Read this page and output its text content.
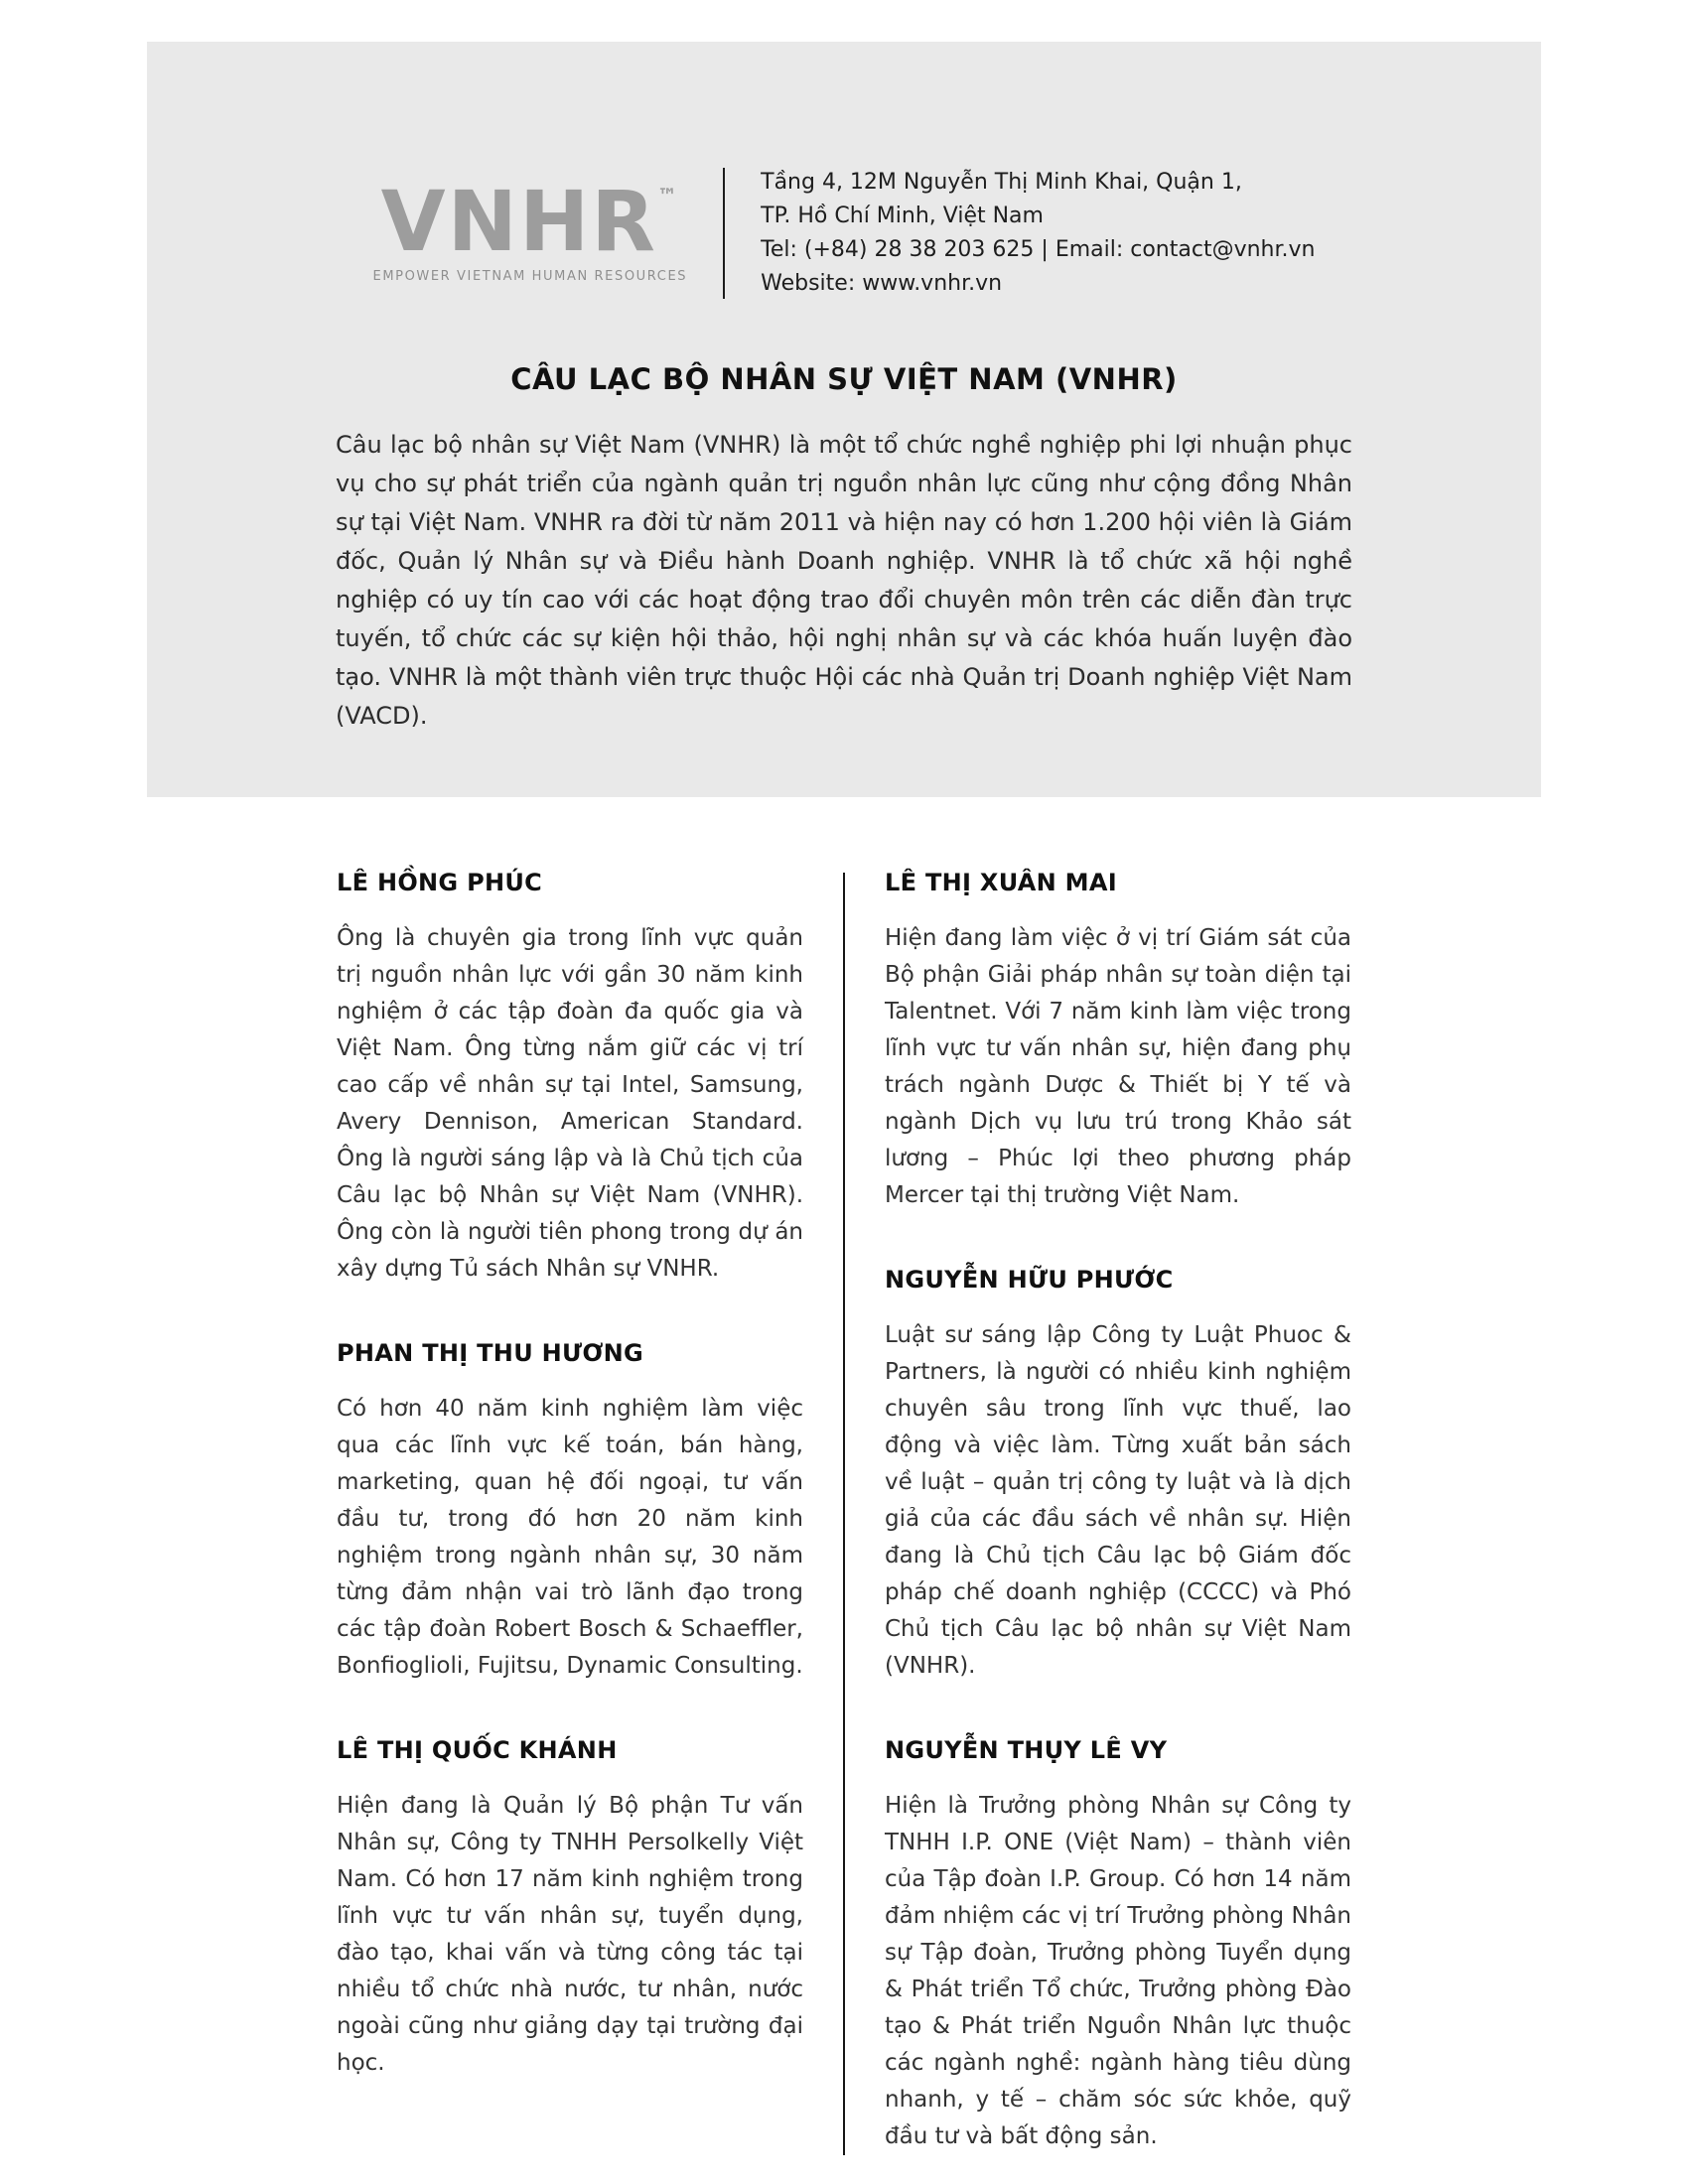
VNHR™
EMPOWER VIETNAM HUMAN RESOURCES
Tầng 4, 12M Nguyễn Thị Minh Khai, Quận 1,
TP. Hồ Chí Minh, Việt Nam
Tel: (+84) 28 38 203 625 | Email: contact@vnhr.vn
Website: www.vnhr.vn
CÂU LẠC BỘ NHÂN SỰ VIỆT NAM (VNHR)

Câu lạc bộ nhân sự Việt Nam (VNHR) là một tổ chức nghề nghiệp phi lợi nhuận phục vụ cho sự phát triển của ngành quản trị nguồn nhân lực cũng như cộng đồng Nhân sự tại Việt Nam. VNHR ra đời từ năm 2011 và hiện nay có hơn 1.200 hội viên là Giám đốc, Quản lý Nhân sự và Điều hành Doanh nghiệp. VNHR là tổ chức xã hội nghề nghiệp có uy tín cao với các hoạt động trao đổi chuyên môn trên các diễn đàn trực tuyến, tổ chức các sự kiện hội thảo, hội nghị nhân sự và các khóa huấn luyện đào tạo. VNHR là một thành viên trực thuộc Hội các nhà Quản trị Doanh nghiệp Việt Nam (VACD).

LÊ HỒNG PHÚC

Ông là chuyên gia trong lĩnh vực quản trị nguồn nhân lực với gần 30 năm kinh nghiệm ở các tập đoàn đa quốc gia và Việt Nam. Ông từng nắm giữ các vị trí cao cấp về nhân sự tại Intel, Samsung, Avery Dennison, American Standard. Ông là người sáng lập và là Chủ tịch của Câu lạc bộ Nhân sự Việt Nam (VNHR). Ông còn là người tiên phong trong dự án xây dựng Tủ sách Nhân sự VNHR.

PHAN THỊ THU HƯƠNG

Có hơn 40 năm kinh nghiệm làm việc qua các lĩnh vực kế toán, bán hàng, marketing, quan hệ đối ngoại, tư vấn đầu tư, trong đó hơn 20 năm kinh nghiệm trong ngành nhân sự, 30 năm từng đảm nhận vai trò lãnh đạo trong các tập đoàn Robert Bosch & Schaeffler, Bonfioglioli, Fujitsu, Dynamic Consulting.

LÊ THỊ QUỐC KHÁNH

Hiện đang là Quản lý Bộ phận Tư vấn Nhân sự, Công ty TNHH Persolkelly Việt Nam. Có hơn 17 năm kinh nghiệm trong lĩnh vực tư vấn nhân sự, tuyển dụng, đào tạo, khai vấn và từng công tác tại nhiều tổ chức nhà nước, tư nhân, nước ngoài cũng như giảng dạy tại trường đại học.

LÊ THỊ XUÂN MAI

Hiện đang làm việc ở vị trí Giám sát của Bộ phận Giải pháp nhân sự toàn diện tại Talentnet. Với 7 năm kinh làm việc trong lĩnh vực tư vấn nhân sự, hiện đang phụ trách ngành Dược & Thiết bị Y tế và ngành Dịch vụ lưu trú trong Khảo sát lương – Phúc lợi theo phương pháp Mercer tại thị trường Việt Nam.

NGUYỄN HỮU PHƯỚC

Luật sư sáng lập Công ty Luật Phuoc & Partners, là người có nhiều kinh nghiệm chuyên sâu trong lĩnh vực thuế, lao động và việc làm. Từng xuất bản sách về luật – quản trị công ty luật và là dịch giả của các đầu sách về nhân sự. Hiện đang là Chủ tịch Câu lạc bộ Giám đốc pháp chế doanh nghiệp (CCCC) và Phó Chủ tịch Câu lạc bộ nhân sự Việt Nam (VNHR).

NGUYỄN THỤY LÊ VY

Hiện là Trưởng phòng Nhân sự Công ty TNHH I.P. ONE (Việt Nam) – thành viên của Tập đoàn I.P. Group. Có hơn 14 năm đảm nhiệm các vị trí Trưởng phòng Nhân sự Tập đoàn, Trưởng phòng Tuyển dụng & Phát triển Tổ chức, Trưởng phòng Đào tạo & Phát triển Nguồn Nhân lực thuộc các ngành nghề: ngành hàng tiêu dùng nhanh, y tế – chăm sóc sức khỏe, quỹ đầu tư và bất động sản.
